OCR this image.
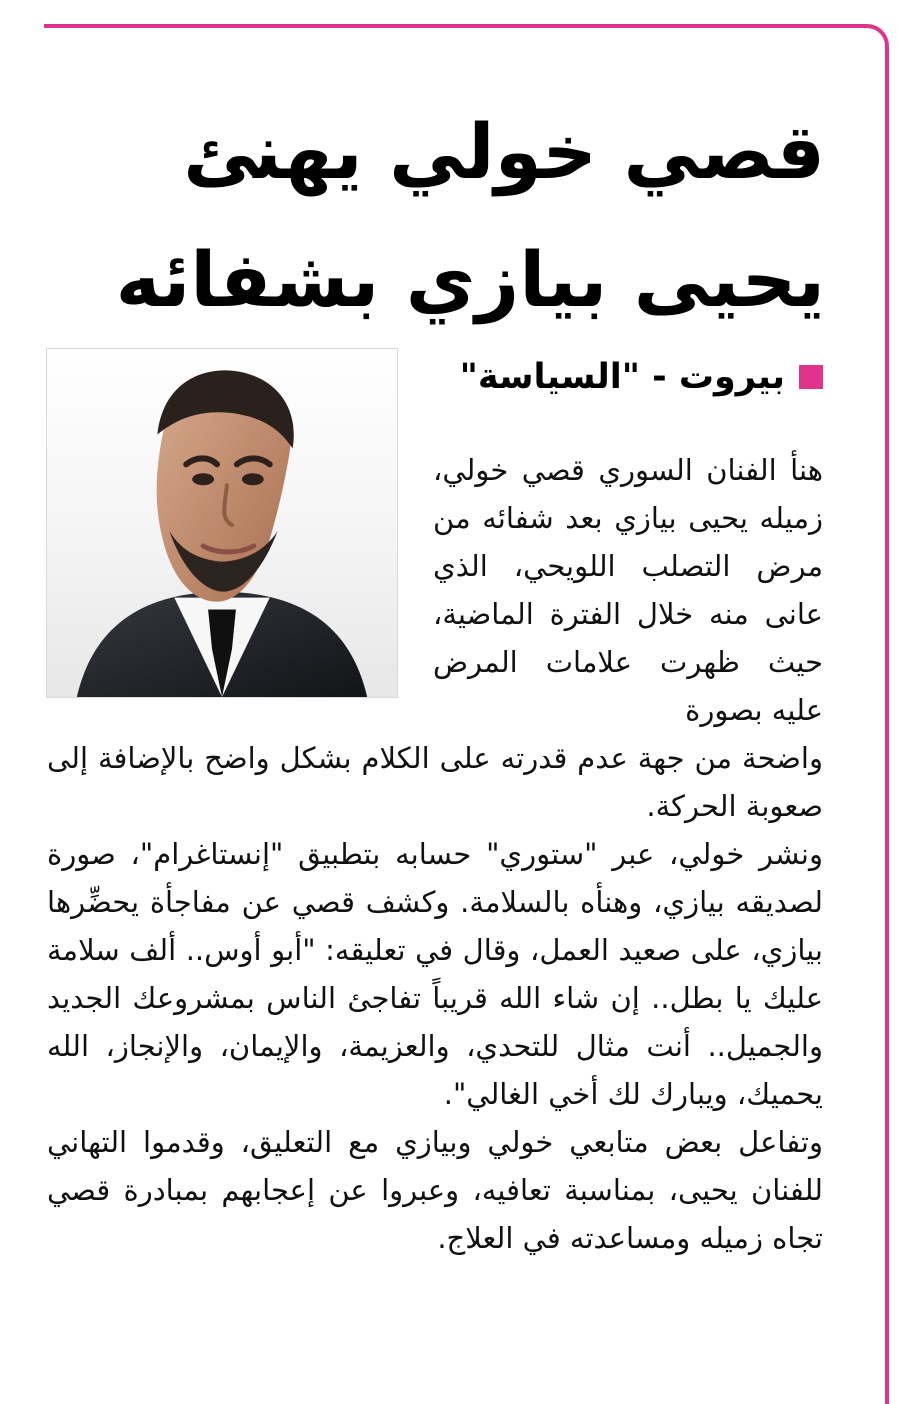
قصي خولي يهنئ
يحيى بيازي بشفائه
بيروت - "السياسة"

هنأ الفنان السوري قصي خولي، زميله يحيى بيازي بعد شفائه من مرض التصلب اللويحي، الذي عانى منه خلال الفترة الماضية، حيث ظهرت علامات المرض عليه بصورة

واضحة من جهة عدم قدرته على الكلام بشكل واضح بالإضافة إلى صعوبة الحركة.

ونشر خولي، عبر "ستوري" حسابه بتطبيق "إنستاغرام"، صورة لصديقه بيازي، وهنأه بالسلامة. وكشف قصي عن مفاجأة يحضِّرها بيازي، على صعيد العمل، وقال في تعليقه: "أبو أوس.. ألف سلامة عليك يا بطل.. إن شاء الله قريباً تفاجئ الناس بمشروعك الجديد والجميل.. أنت مثال للتحدي، والعزيمة، والإيمان، والإنجاز، الله يحميك، ويبارك لك أخي الغالي".

وتفاعل بعض متابعي خولي وبيازي مع التعليق، وقدموا التهاني للفنان يحيى، بمناسبة تعافيه، وعبروا عن إعجابهم بمبادرة قصي تجاه زميله ومساعدته في العلاج.
